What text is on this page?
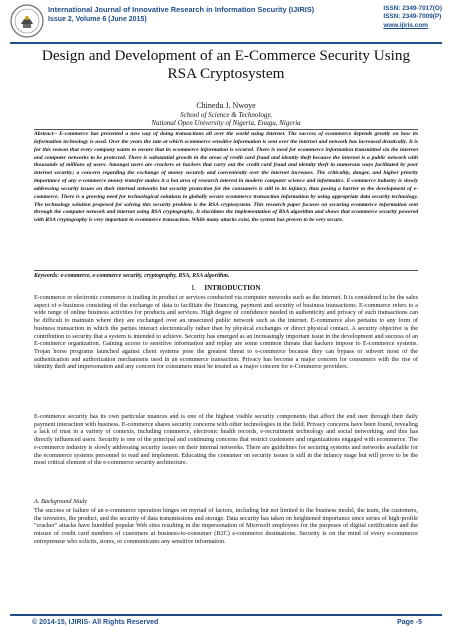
International Journal of Innovative Research in Information Security (IJIRIS)
Issue 2, Volume 6 (June 2015)
ISSN: 2349-7017(O)
ISSN: 2349-7009(P)
www.ijiris.com
Design and Development of an E-Commerce Security Using RSA Cryptosystem
Chinedu J. Nwoye
School of Science & Technology,
National Open University of Nigeria, Enugu, Nigeria
Abstract-- E-commerce has presented a new way of doing transactions all over the world using internet. The success of ecommerce depends greatly on how its information technology is used. Over the years the rate at which ecommerce sensitive information is sent over the internet and network has increased drastically. It is for this reason that every company wants to ensure that its ecommerce information is secured. There is need for ecommerce information transmitted via the internet and computer networks to be protected. There is substantial growth in the areas of credit card fraud and identity theft because the internet is a public network with thousands of millions of users. Amongst users are crackers or hackers that carry out the credit card fraud and identity theft in numerous ways facilitated by poor internet security; a concern regarding the exchange of money securely and conveniently over the internet increases. The criticality, danger, and higher priority importance of any e-commerce money transfer makes it a hot area of research interest in modern computer science and informatics. E-commerce industry is slowly addressing security issues on their internal networks but security protection for the consumers is still in its infancy, thus posing a barrier to the development of e-commerce. There is a growing need for technological solutions to globally secure ecommerce transaction information by using appropriate data security technology. The technology solution proposed for solving this security problem is the RSA cryptosystem. This research paper focuses on securing ecommerce information sent through the computer network and internet using RSA cryptography. It elucidates the implementation of RSA algorithm and shows that ecommerce security powered with RSA cryptography is very important in ecommerce transaction. While many attacks exist, the system has proven to be very secure.
Keywords: e-commerce, e-commerce security, cryptography, RSA, RSA algorithm.
I. INTRODUCTION
E-commerce or electronic commerce is trading in product or services conducted via computer networks such as the internet. It is considered to be the sales aspect of e-business consisting of the exchange of data to facilitate the financing, payment and security of business transactions. E-commerce refers to a wide range of online business activities for products and services. High degree of confidence needed in authenticity and privacy of such transactions can be difficult to maintain where they are exchanged over an unsecured public network such as the internet. E-commerce also pertains to any form of business transaction in which the parties interact electronically rather than by physical exchanges or direct physical contact. A security objective is the contribution to security that a system is intended to achieve. Security has emerged as an increasingly important issue in the development and success of an E-commerce organization. Gaining access to sensitive information and replay are some common threats that hackers impose to E-commerce systems. Trojan horse programs launched against client systems pose the greatest threat to e-commerce because they can bypass or subvert most of the authentication and authorization mechanisms used in an ecommerce transaction. Privacy has become a major concern for consumers with the rise of identity theft and impersonation and any concern for consumers must be treated as a major concern for e-Commerce providers.
E-commerce security has its own particular nuances and is one of the highest visible security components that affect the end user through their daily payment interaction with business. E-commerce shares security concerns with other technologies in the field. Privacy concerns have been found, revealing a lack of trust in a variety of contexts, including commerce, electronic health records, e-recruitment technology and social networking, and this has directly influenced users. Security is one of the principal and continuing concerns that restrict customers and organizations engaged with ecommerce. The e-commerce industry is slowly addressing security issues on their internal networks. There are guidelines for securing systems and networks available for the ecommerce systems personnel to read and implement. Educating the consumer on security issues is still in the infancy stage but will prove to be the most critical element of the e-commerce security architecture.
A. Background Study
The success or failure of an e-commerce operation hinges on myriad of factors, including but not limited to the business model, the team, the customers, the investors, the product, and the security of data transmissions and storage. Data security has taken on heightened importance since series of high-profile "cracker" attacks have humbled popular Web sites resulting in the impersonation of Microsoft employees for the purposes of digital certification and the misuse of credit card numbers of customers at business-to-consumer (B2C) e-commerce destinations. Security is on the mind of every e-commerce entrepreneur who solicits, stores, or communicates any sensitive information.
© 2014-15, IJIRIS- All Rights Reserved	Page -5
